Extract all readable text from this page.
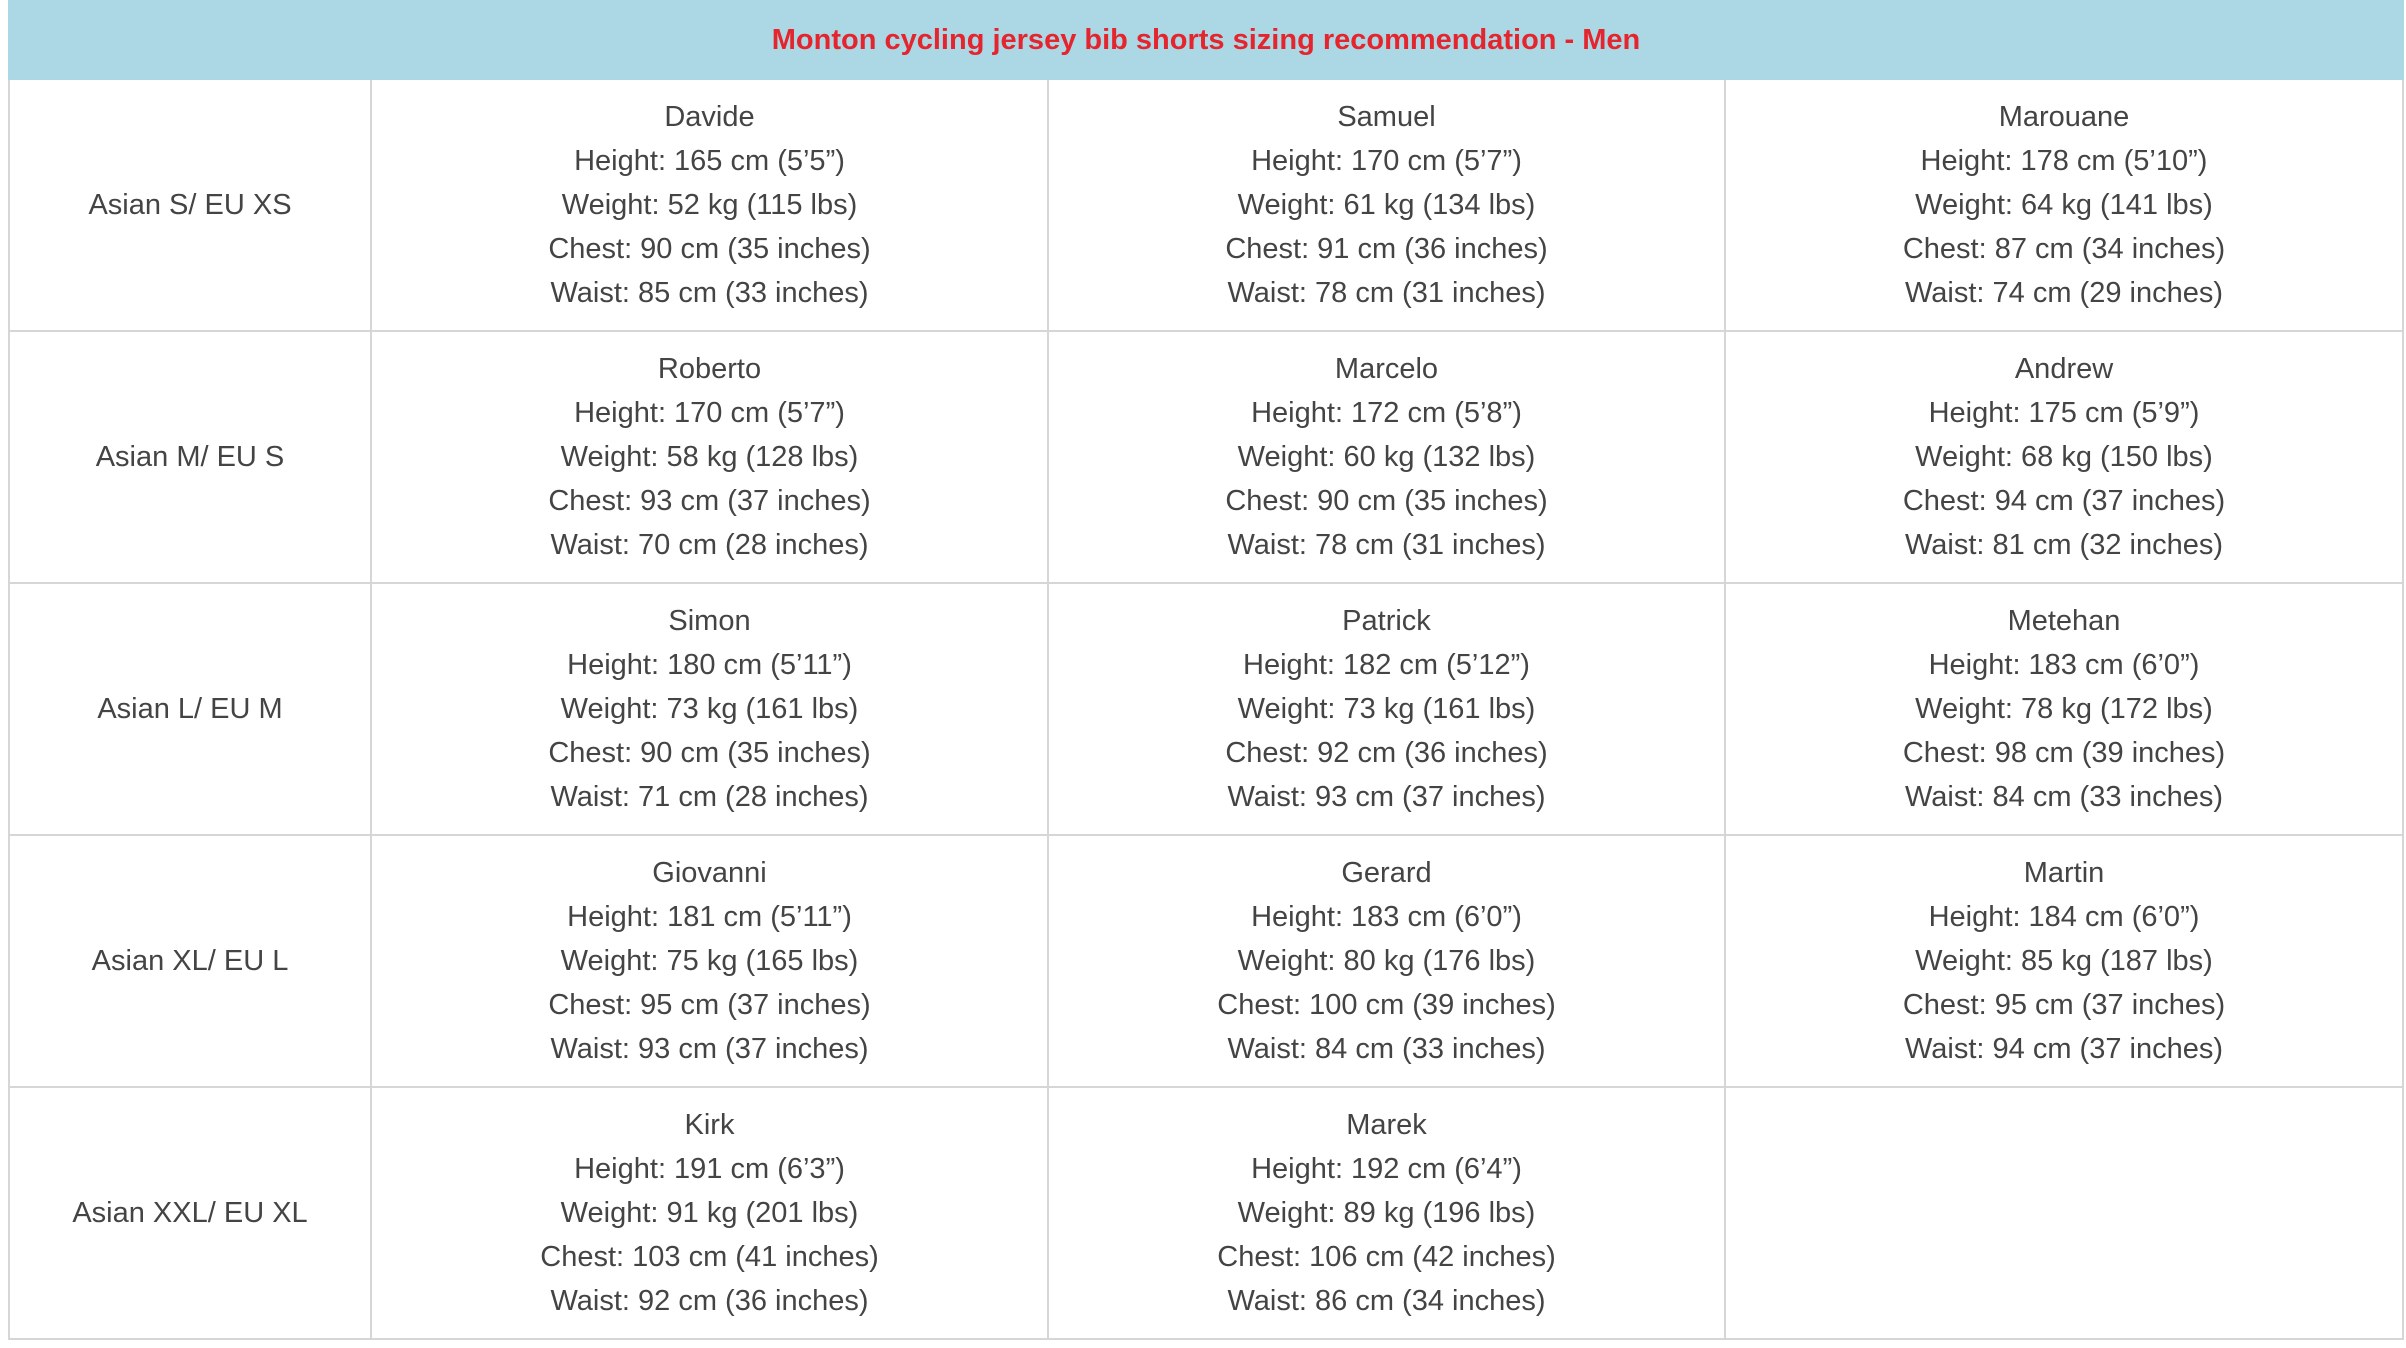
Monton cycling jersey bib shorts sizing recommendation - Men			
Asian S/ EU XS	Davide
Height: 165 cm (5’5”)
Weight: 52 kg (115 lbs)
Chest: 90 cm (35 inches)
Waist: 85 cm (33 inches)	Samuel
Height: 170 cm (5’7”)
Weight: 61 kg (134 lbs)
Chest: 91 cm (36 inches)
Waist: 78 cm (31 inches)	Marouane
Height: 178 cm (5’10”)
Weight: 64 kg (141 lbs)
Chest: 87 cm (34 inches)
Waist: 74 cm (29 inches)

Asian M/ EU S	Roberto
Height: 170 cm (5’7”)
Weight: 58 kg (128 lbs)
Chest: 93 cm (37 inches)
Waist: 70 cm (28 inches)	Marcelo
Height: 172 cm (5’8”)
Weight: 60 kg (132 lbs)
Chest: 90 cm (35 inches)
Waist: 78 cm (31 inches)	Andrew
Height: 175 cm (5’9”)
Weight: 68 kg (150 lbs)
Chest: 94 cm (37 inches)
Waist: 81 cm (32 inches)

Asian L/ EU M	Simon
Height: 180 cm (5’11”)
Weight: 73 kg (161 lbs)
Chest: 90 cm (35 inches)
Waist: 71 cm (28 inches)	Patrick
Height: 182 cm (5’12”)
Weight: 73 kg (161 lbs)
Chest: 92 cm (36 inches)
Waist: 93 cm (37 inches)	Metehan
Height: 183 cm (6’0”)
Weight: 78 kg (172 lbs)
Chest: 98 cm (39 inches)
Waist: 84 cm (33 inches)

Asian XL/ EU L	Giovanni
Height: 181 cm (5’11”)
Weight: 75 kg (165 lbs)
Chest: 95 cm (37 inches)
Waist: 93 cm (37 inches)	Gerard
Height: 183 cm (6’0”)
Weight: 80 kg (176 lbs)
Chest: 100 cm (39 inches)
Waist: 84 cm (33 inches)	Martin
Height: 184 cm (6’0”)
Weight: 85 kg (187 lbs)
Chest: 95 cm (37 inches)
Waist: 94 cm (37 inches)

Asian XXL/ EU XL	Kirk
Height: 191 cm (6’3”)
Weight: 91 kg (201 lbs)
Chest: 103 cm (41 inches)
Waist: 92 cm (36 inches)	Marek
Height: 192 cm (6’4”)
Weight: 89 kg (196 lbs)
Chest: 106 cm (42 inches)
Waist: 86 cm (34 inches)	
